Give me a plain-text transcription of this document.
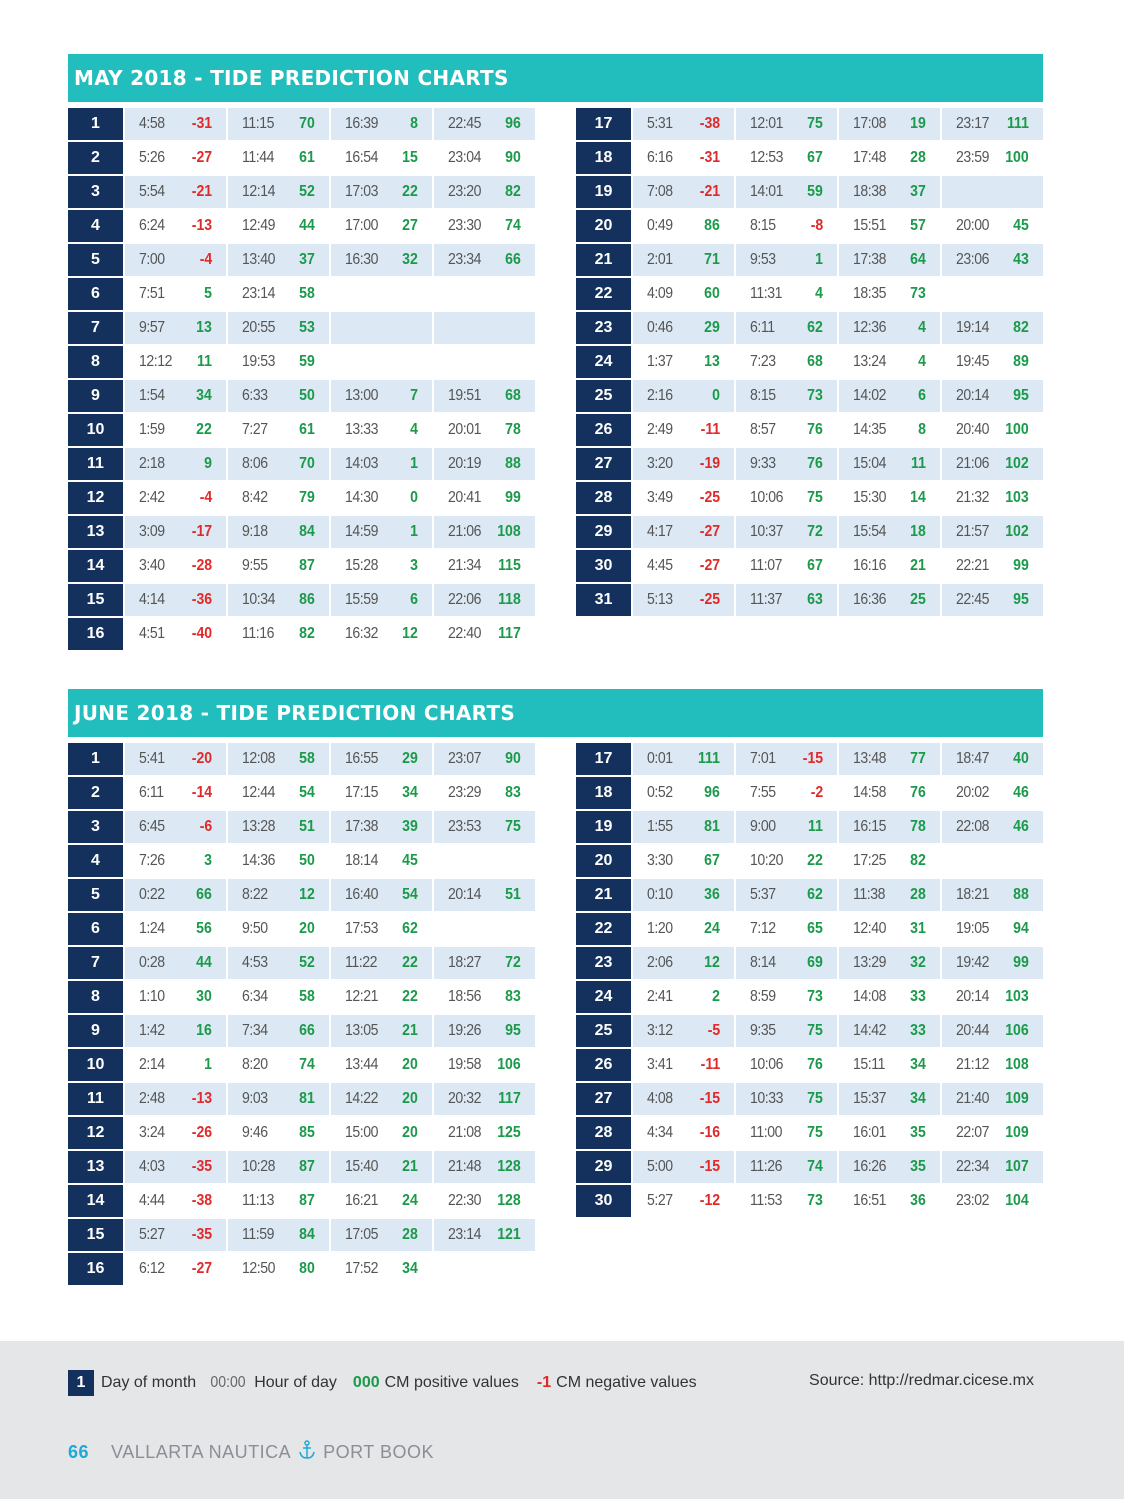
MAY 2018 - TIDE PREDICTION CHARTS
1	4:58 -31 11:15 70 16:39 8 22:45 96
2	5:26 -27 11:44 61 16:54 15 23:04 90
3	5:54 -21 12:14 52 17:03 22 23:20 82
4	6:24 -13 12:49 44 17:00 27 23:30 74
5	7:00 -4 13:40 37 16:30 32 23:34 66
6	7:51 5 23:14 58
7	9:57 13 20:55 53
8	12:12 11 19:53 59
9	1:54 34 6:33 50 13:00 7 19:51 68
10	1:59 22 7:27 61 13:33 4 20:01 78
11	2:18 9 8:06 70 14:03 1 20:19 88
12	2:42 -4 8:42 79 14:30 0 20:41 99
13	3:09 -17 9:18 84 14:59 1 21:06 108
14	3:40 -28 9:55 87 15:28 3 21:34 115
15	4:14 -36 10:34 86 15:59 6 22:06 118
16	4:51 -40 11:16 82 16:32 12 22:40 117
17	5:31 -38 12:01 75 17:08 19 23:17 111
18	6:16 -31 12:53 67 17:48 28 23:59 100
19	7:08 -21 14:01 59 18:38 37
20	0:49 86 8:15 -8 15:51 57 20:00 45
21	2:01 71 9:53 1 17:38 64 23:06 43
22	4:09 60 11:31 4 18:35 73
23	0:46 29 6:11 62 12:36 4 19:14 82
24	1:37 13 7:23 68 13:24 4 19:45 89
25	2:16 0 8:15 73 14:02 6 20:14 95
26	2:49 -11 8:57 76 14:35 8 20:40 100
27	3:20 -19 9:33 76 15:04 11 21:06 102
28	3:49 -25 10:06 75 15:30 14 21:32 103
29	4:17 -27 10:37 72 15:54 18 21:57 102
30	4:45 -27 11:07 67 16:16 21 22:21 99
31	5:13 -25 11:37 63 16:36 25 22:45 95
JUNE 2018 - TIDE PREDICTION CHARTS
1	5:41 -20 12:08 58 16:55 29 23:07 90
2	6:11 -14 12:44 54 17:15 34 23:29 83
3	6:45 -6 13:28 51 17:38 39 23:53 75
4	7:26 3 14:36 50 18:14 45
5	0:22 66 8:22 12 16:40 54 20:14 51
6	1:24 56 9:50 20 17:53 62
7	0:28 44 4:53 52 11:22 22 18:27 72
8	1:10 30 6:34 58 12:21 22 18:56 83
9	1:42 16 7:34 66 13:05 21 19:26 95
10	2:14 1 8:20 74 13:44 20 19:58 106
11	2:48 -13 9:03 81 14:22 20 20:32 117
12	3:24 -26 9:46 85 15:00 20 21:08 125
13	4:03 -35 10:28 87 15:40 21 21:48 128
14	4:44 -38 11:13 87 16:21 24 22:30 128
15	5:27 -35 11:59 84 17:05 28 23:14 121
16	6:12 -27 12:50 80 17:52 34
17	0:01 111 7:01 -15 13:48 77 18:47 40
18	0:52 96 7:55 -2 14:58 76 20:02 46
19	1:55 81 9:00 11 16:15 78 22:08 46
20	3:30 67 10:20 22 17:25 82
21	0:10 36 5:37 62 11:38 28 18:21 88
22	1:20 24 7:12 65 12:40 31 19:05 94
23	2:06 12 8:14 69 13:29 32 19:42 99
24	2:41 2 8:59 73 14:08 33 20:14 103
25	3:12 -5 9:35 75 14:42 33 20:44 106
26	3:41 -11 10:06 76 15:11 34 21:12 108
27	4:08 -15 10:33 75 15:37 34 21:40 109
28	4:34 -16 11:00 75 16:01 35 22:07 109
29	5:00 -15 11:26 74 16:26 35 22:34 107
30	5:27 -12 11:53 73 16:51 36 23:02 104
1 Day of month 00:00 Hour of day 000 CM positive values -1 CM negative values	Source: http://redmar.cicese.mx
66 VALLARTA NAUTICA PORT BOOK
